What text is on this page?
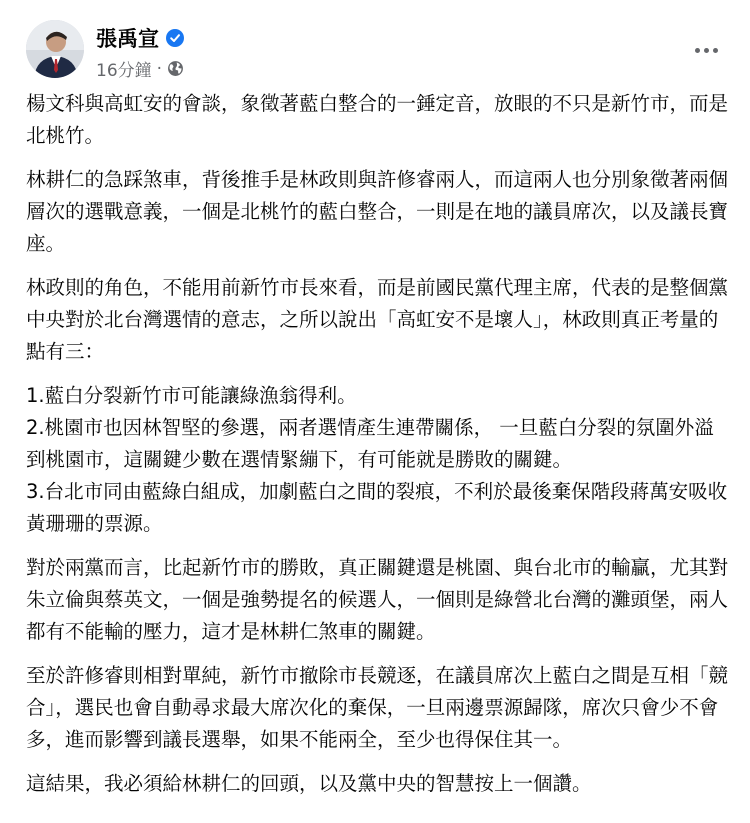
張禹宣
16分鐘 ·

楊文科與高虹安的會談，象徵著藍白整合的一錘定音，放眼的不只是新竹市，而是北桃竹。

林耕仁的急踩煞車，背後推手是林政則與許修睿兩人，而這兩人也分別象徵著兩個層次的選戰意義，一個是北桃竹的藍白整合，一則是在地的議員席次，以及議長寶座。

林政則的角色，不能用前新竹市長來看，而是前國民黨代理主席，代表的是整個黨中央對於北台灣選情的意志，之所以說出「高虹安不是壞人」，林政則真正考量的點有三：

1.藍白分裂新竹市可能讓綠漁翁得利。
2.桃園市也因林智堅的參選，兩者選情產生連帶關係， 一旦藍白分裂的氛圍外溢到桃園市，這關鍵少數在選情緊繃下，有可能就是勝敗的關鍵。
3.台北市同由藍綠白組成，加劇藍白之間的裂痕，不利於最後棄保階段蔣萬安吸收黃珊珊的票源。

對於兩黨而言，比起新竹市的勝敗，真正關鍵還是桃園、與台北市的輸贏，尤其對朱立倫與蔡英文，一個是強勢提名的候選人，一個則是綠營北台灣的灘頭堡，兩人都有不能輸的壓力，這才是林耕仁煞車的關鍵。

至於許修睿則相對單純，新竹市撤除市長競逐，在議員席次上藍白之間是互相「競合」，選民也會自動尋求最大席次化的棄保，一旦兩邊票源歸隊，席次只會少不會多，進而影響到議長選舉，如果不能兩全，至少也得保住其一。

這結果，我必須給林耕仁的回頭，以及黨中央的智慧按上一個讚。
